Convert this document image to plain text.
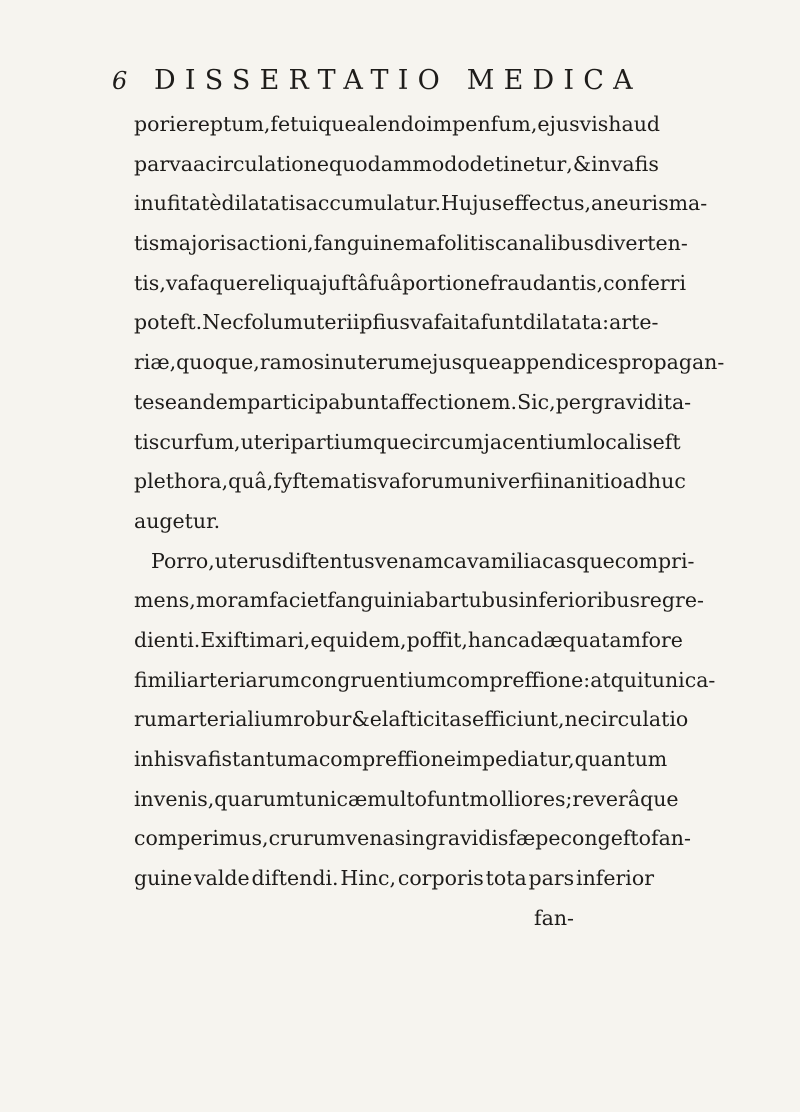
6 DISSERTATIO MEDICA
pori ereptum, fetuique alendo impenfum, ejus vis haud
parva a circulatione quodammodo detinetur , & in vafis
inufitatè dilatatis accumulatur. Hujus effectus, aneurisma-
tis majoris actioni, fanguinem a folitis canalibus diverten-
tis, vafaque reliqua juftâ fuâ portione fraudantis, conferri
poteft. Nec folum uteri ipfius vafa ita funt dilatata: arte-
riæ, quoque, ramos in uterum ejusque appendices propagan-
tes eandem participabunt affectionem. Sic, per gravidita-
tis curfum , uteri partiumque circumjacentium localis eft
plethora, quâ, fyftematis vaforum univerfi inanitio adhuc
augetur.
Porro, uterus diftentus venam cavam iliacasque compri-
mens, moram faciet fanguini ab artubus inferioribus regre-
dienti. Exiftimari, equidem, poffit, hanc adæquatam fore
fimili arteriarum congruentium compreffione: atqui tunica-
rum arterialium robur & elafticitas efficiunt, ne circulatio
in his vafis tantum a compreffione impediatur, quantum
in venis, quarum tunicæ multo funt molliores; reverâque
comperimus, crurum venas in gravidis fæpe congefto fan-
guine valde diftendi. Hinc, corporis tota pars inferior
fan-
